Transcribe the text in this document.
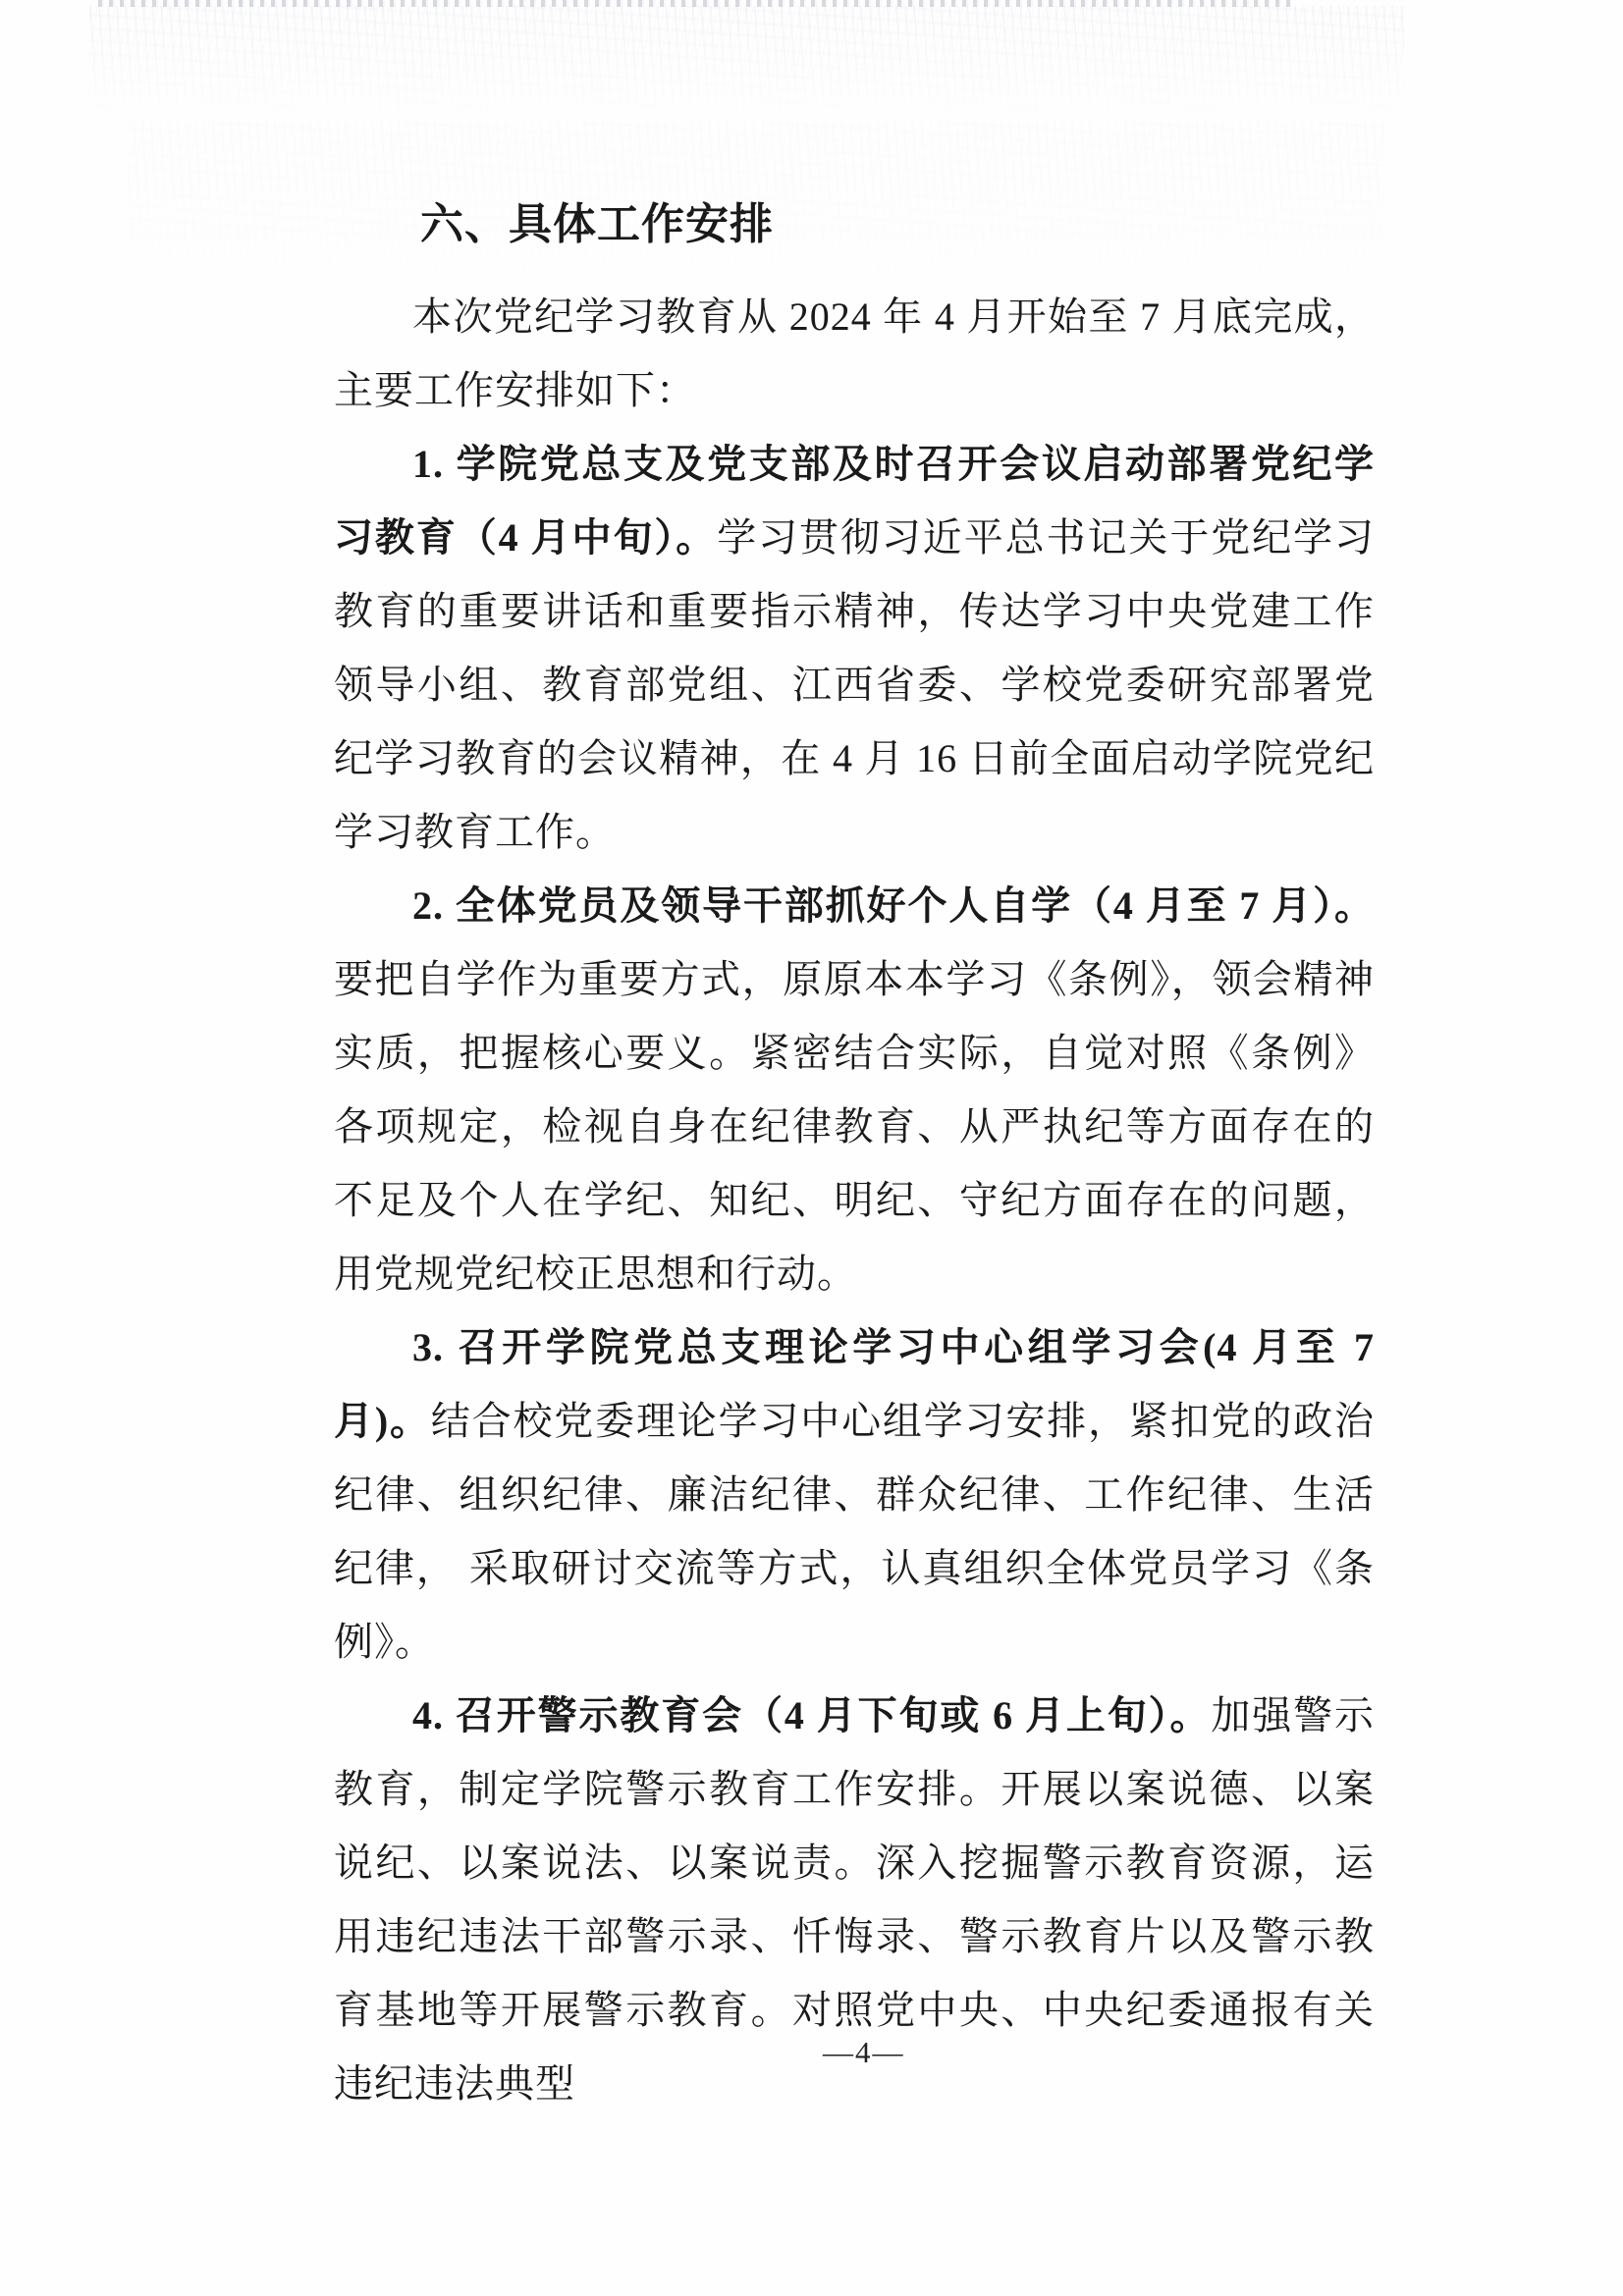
六、具体工作安排

本次党纪学习教育从 2024 年 4 月开始至 7 月底完成，主要工作安排如下：

1. 学院党总支及党支部及时召开会议启动部署党纪学习教育（4 月中旬）。学习贯彻习近平总书记关于党纪学习教育的重要讲话和重要指示精神，传达学习中央党建工作领导小组、教育部党组、江西省委、学校党委研究部署党纪学习教育的会议精神，在 4 月 16 日前全面启动学院党纪学习教育工作。

2. 全体党员及领导干部抓好个人自学（4 月至 7 月）。要把自学作为重要方式，原原本本学习《条例》，领会精神实质，把握核心要义。紧密结合实际，自觉对照《条例》各项规定，检视自身在纪律教育、从严执纪等方面存在的不足及个人在学纪、知纪、明纪、守纪方面存在的问题，用党规党纪校正思想和行动。

3. 召开学院党总支理论学习中心组学习会(4 月至 7 月)。结合校党委理论学习中心组学习安排，紧扣党的政治纪律、组织纪律、廉洁纪律、群众纪律、工作纪律、生活纪律， 采取研讨交流等方式，认真组织全体党员学习《条例》。

4. 召开警示教育会（4 月下旬或 6 月上旬）。加强警示教育，制定学院警示教育工作安排。开展以案说德、以案说纪、以案说法、以案说责。深入挖掘警示教育资源，运用违纪违法干部警示录、忏悔录、警示教育片以及警示教育基地等开展警示教育。对照党中央、中央纪委通报有关违纪违法典型

—4—
